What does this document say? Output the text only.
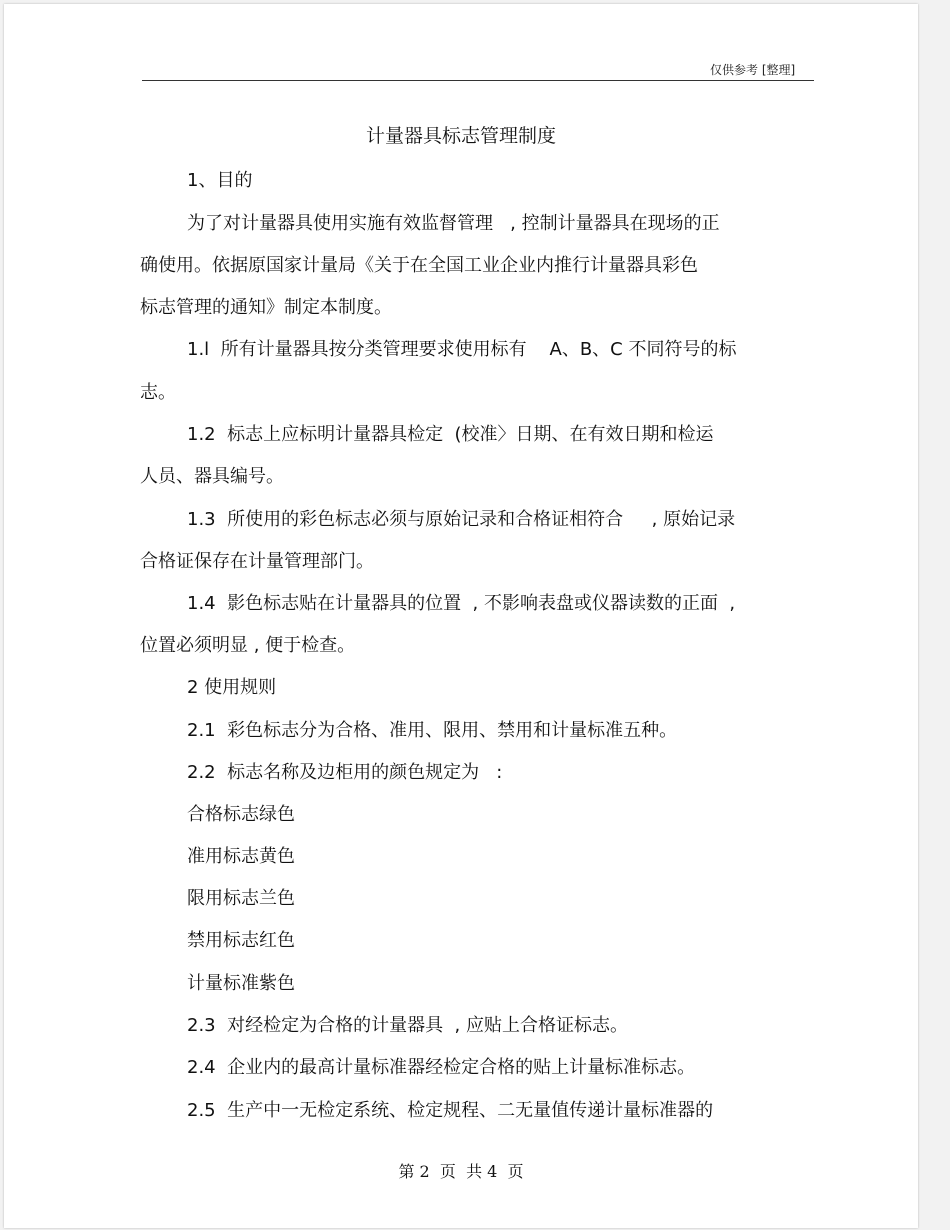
仅供参考 [整理]
计量器具标志管理制度
1、目的
为了对计量器具使用实施有效监督管理   , 控制计量器具在现场的正
确使用。依据原国家计量局《关于在全国工业企业内推行计量器具彩色
标志管理的通知》制定本制度。
1.l  所有计量器具按分类管理要求使用标有    A、B、C 不同符号的标
志。
1.2  标志上应标明计量器具检定  (校准〉日期、在有效日期和检运
人员、器具编号。
1.3  所使用的彩色标志必须与原始记录和合格证相符合     , 原始记录
合格证保存在计量管理部门。
1.4  影色标志贴在计量器具的位置  , 不影响表盘或仪器读数的正面  ,
位置必须明显 , 便于检查。
2 使用规则
2.1  彩色标志分为合格、准用、限用、禁用和计量标准五种。
2.2  标志名称及边柜用的颜色规定为   :
合格标志绿色
准用标志黄色
限用标志兰色
禁用标志红色
计量标准紫色
2.3  对经检定为合格的计量器具  , 应贴上合格证标志。
2.4  企业内的最高计量标准器经检定合格的贴上计量标准标志。
2.5  生产中一无检定系统、检定规程、二无量值传递计量标准器的
第 2  页  共 4  页
